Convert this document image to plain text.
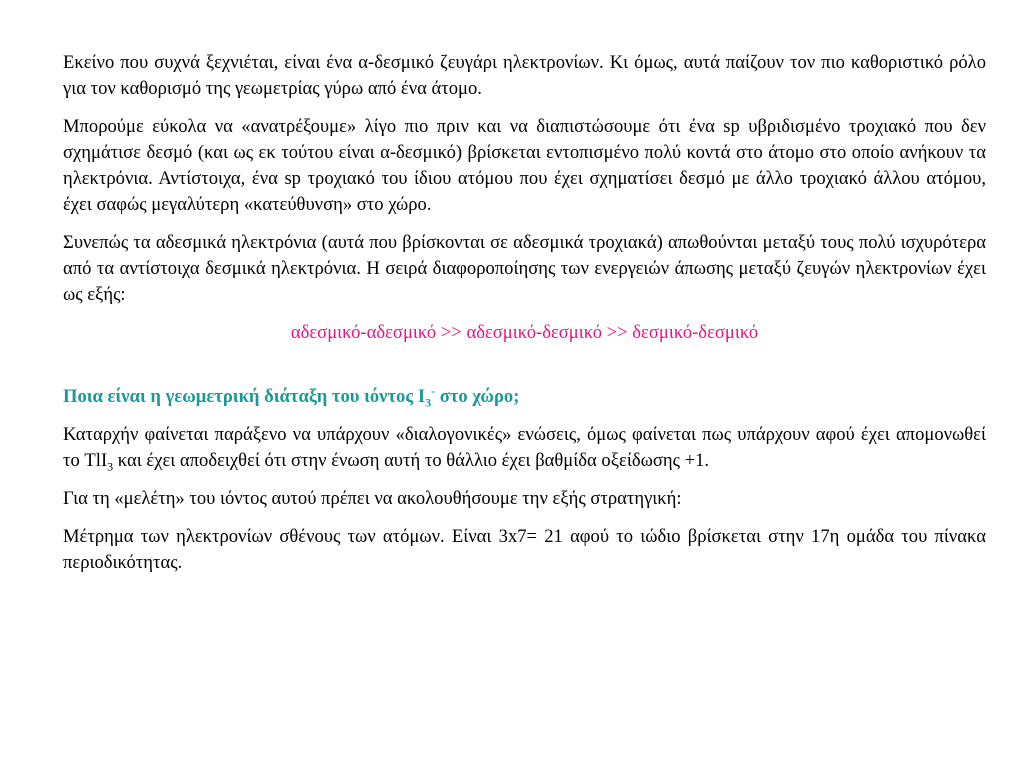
Εκείνο που συχνά ξεχνιέται, είναι ένα α-δεσμικό ζευγάρι ηλεκτρονίων. Κι όμως, αυτά παίζουν τον πιο καθοριστικό ρόλο για τον καθορισμό της γεωμετρίας γύρω από ένα άτομο.

Μπορούμε εύκολα να «ανατρέξουμε» λίγο πιο πριν και να διαπιστώσουμε ότι ένα sp υβριδισμένο τροχιακό που δεν σχημάτισε δεσμό (και ως εκ τούτου είναι α-δεσμικό) βρίσκεται εντοπισμένο πολύ κοντά στο άτομο στο οποίο ανήκουν τα ηλεκτρόνια. Αντίστοιχα, ένα sp τροχιακό του ίδιου ατόμου που έχει σχηματίσει δεσμό με άλλο τροχιακό άλλου ατόμου, έχει σαφώς μεγαλύτερη «κατεύθυνση» στο χώρο.

Συνεπώς τα αδεσμικά ηλεκτρόνια (αυτά που βρίσκονται σε αδεσμικά τροχιακά) απωθούνται μεταξύ τους πολύ ισχυρότερα από τα αντίστοιχα δεσμικά ηλεκτρόνια. Η σειρά διαφοροποίησης των ενεργειών άπωσης μεταξύ ζευγών ηλεκτρονίων έχει ως εξής:

αδεσμικό-αδεσμικό >> αδεσμικό-δεσμικό >> δεσμικό-δεσμικό

Ποια είναι η γεωμετρική διάταξη του ιόντος $I_3^-$ στο χώρο;

Καταρχήν φαίνεται παράξενο να υπάρχουν «διαλογονικές» ενώσεις, όμως φαίνεται πως υπάρχουν αφού έχει απομονωθεί το TlI$_3$ και έχει αποδειχθεί ότι στην ένωση αυτή το θάλλιο έχει βαθμίδα οξείδωσης +1.

Για τη «μελέτη» του ιόντος αυτού πρέπει να ακολουθήσουμε την εξής στρατηγική:

Μέτρημα των ηλεκτρονίων σθένους των ατόμων. Είναι 3x7= 21 αφού το ιώδιο βρίσκεται στην 17η ομάδα του πίνακα περιοδικότητας.
